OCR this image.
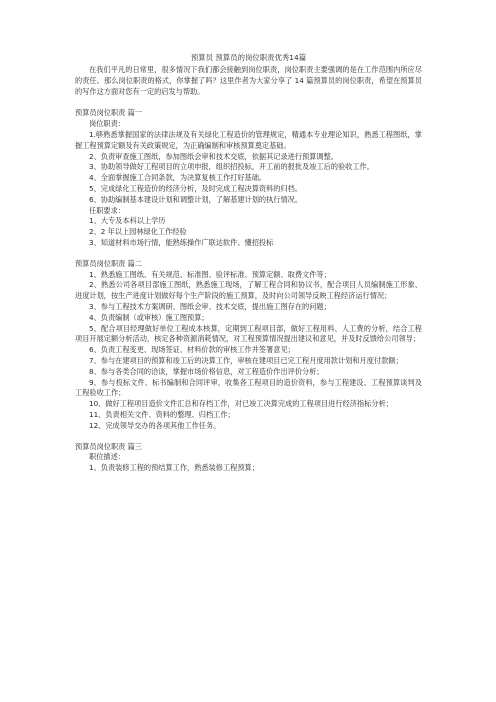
预算员 预算员的岗位职责优秀14篇

在我们平凡的日常里，很多情况下我们都会接触到岗位职责，岗位职责主要强调的是在工作范围内所应尽的责任。那么岗位职责的格式，你掌握了吗？这里作者为大家分享了 14 篇预算员的岗位职责，希望在预算员的写作这方面对您有一定的启发与帮助。

预算员岗位职责 篇一

岗位职责：

1.够熟悉掌握国家的法律法规及有关绿化工程造价的管理规定，精通本专业理论知识，熟悉工程图纸，掌握工程预算定额及有关政策规定，为正确编制和审核预算奠定基础。

2、负责审查施工图纸，参加图纸会审和技术交底，依据其记录进行预算调整。

3、协助领导做好工程项目的立项申报，组织招投标，开工前的报批及竣工后的验收工作。

4、全面掌握施工合同条款，为决算复核工作打好基础。

5、完成绿化工程造价的经济分析，及时完成工程决算资料的归档。

6、协助编制基本建设计划和调整计划，了解基建计划的执行情况。

任职要求：

1、大专及本科以上学历

2、2 年以上园林绿化工作经验

3、知道材料市场行情，能熟练操作广联达软件、懂招投标

预算员岗位职责 篇二

1、熟悉施工图纸、有关规范、标准图、验评标准、预算定额、取费文件等；

2、熟悉公司各项目部施工图纸，熟悉施工现场，了解工程合同和协议书，配合项目人员编制施工形象、进度计划，按生产进度计划做好每个生产阶段的施工预算，及时向公司领导反映工程经济运行情况；

3、参与工程技术方案调研、图纸会审、技术交底，提出施工图存在的问题；

4、负责编制（或审核）施工图预算；

5、配合项目经理做好单位工程成本核算，定期到工程项目部，做好工程用料、人工费的分析，结合工程项目开展定额分析活动，核定各种资源消耗情况，对工程预算情况提出建议和意见，并及时反馈给公司领导；

6、负责工程变更、现场签证、材料价款的审核工作并签署意见；

7、参与在建项目的预算和竣工后的决算工作，审核在建项目已完工程月度用款计划和月度付款额；

8、参与各类合同的洽谈，掌握市场价格信息，对工程造价作出评价分析；

9、参与投标文件、标书编制和合同评审，收集各工程项目的造价资料，参与工程建设、工程预算谈判及工程验收工作；

10、做好工程项目造价文件汇总和存档工作，对已竣工决算完成的工程项目进行经济指标分析；

11、负责相关文件、资料的整理、归档工作；

12、完成领导交办的各项其他工作任务。

预算员岗位职责 篇三

职位描述：

1、负责装修工程的预结算工作，熟悉装修工程预算；
